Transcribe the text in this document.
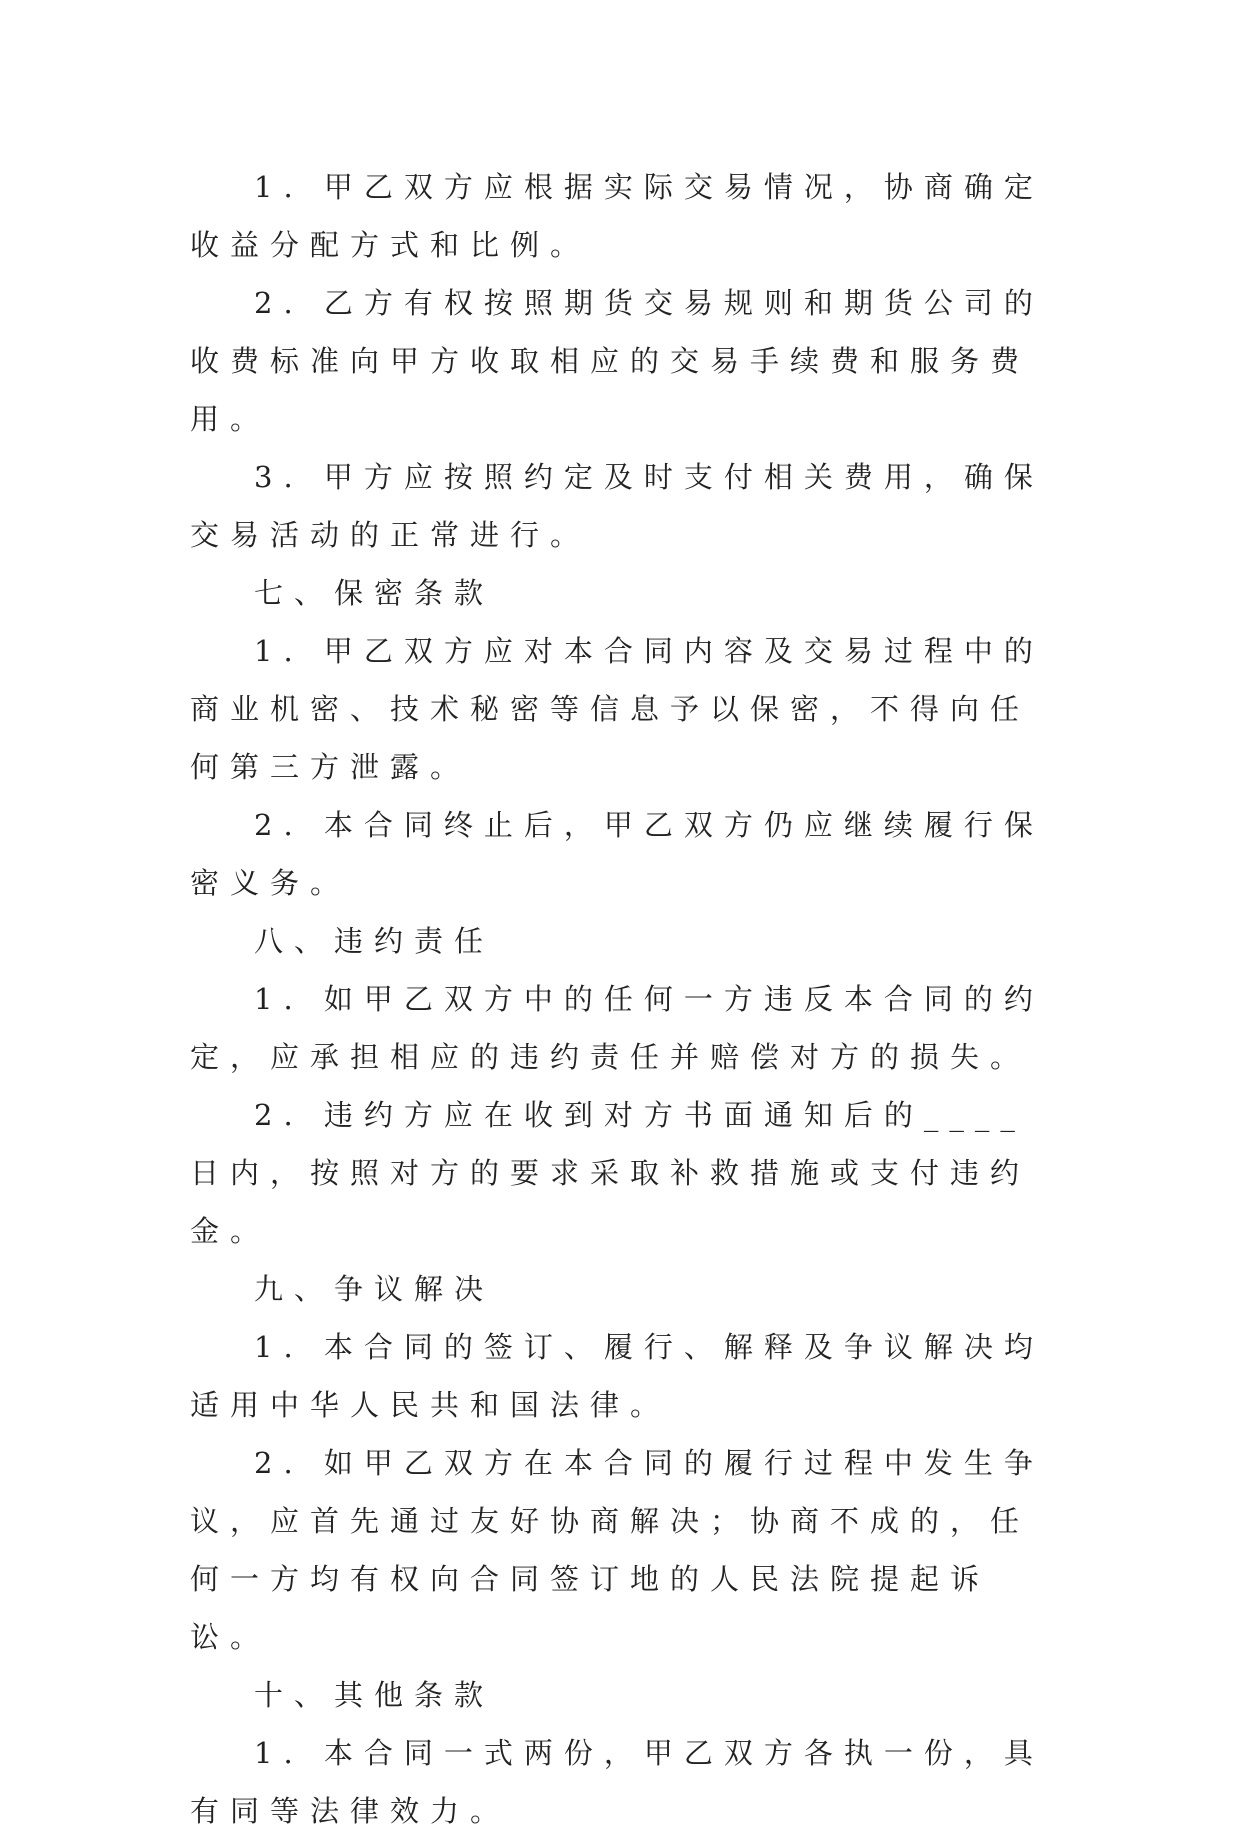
1. 甲乙双方应根据实际交易情况，协商确定收益分配方式和比例。

2. 乙方有权按照期货交易规则和期货公司的收费标准向甲方收取相应的交易手续费和服务费用。

3. 甲方应按照约定及时支付相关费用，确保交易活动的正常进行。

七、保密条款

1. 甲乙双方应对本合同内容及交易过程中的商业机密、技术秘密等信息予以保密，不得向任何第三方泄露。

2. 本合同终止后，甲乙双方仍应继续履行保密义务。

八、违约责任

1. 如甲乙双方中的任何一方违反本合同的约定，应承担相应的违约责任并赔偿对方的损失。

2. 违约方应在收到对方书面通知后的____日内，按照对方的要求采取补救措施或支付违约金。

九、争议解决

1. 本合同的签订、履行、解释及争议解决均适用中华人民共和国法律。

2. 如甲乙双方在本合同的履行过程中发生争议，应首先通过友好协商解决；协商不成的，任何一方均有权向合同签订地的人民法院提起诉讼。

十、其他条款

1. 本合同一式两份，甲乙双方各执一份，具有同等法律效力。
